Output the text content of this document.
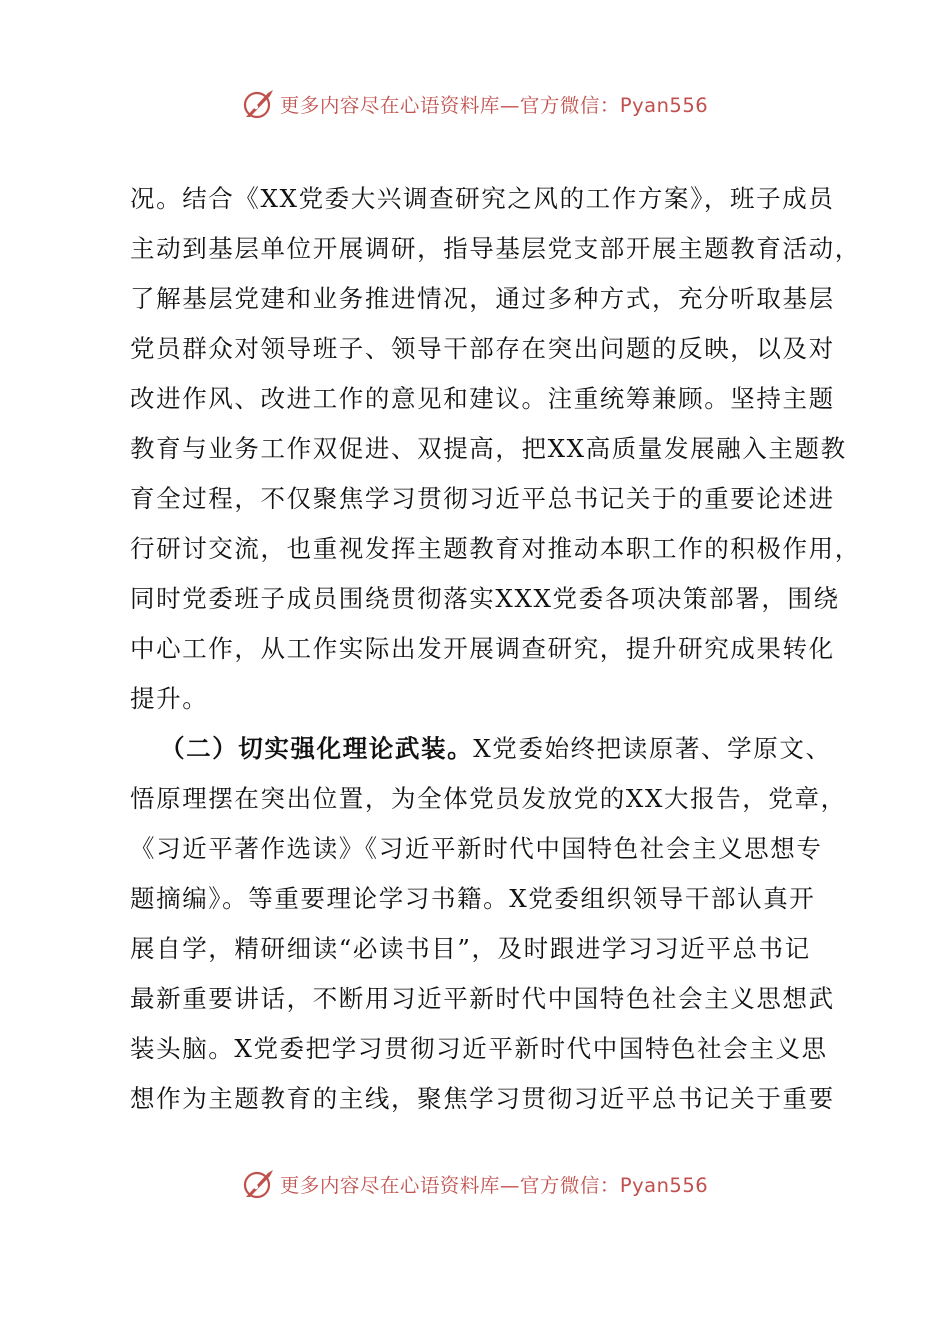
更多内容尽在心语资料库—官方微信：Pyan556
况。结合《XX党委大兴调查研究之风的工作方案》，班子成员
主动到基层单位开展调研，指导基层党支部开展主题教育活动，
了解基层党建和业务推进情况，通过多种方式，充分听取基层
党员群众对领导班子、领导干部存在突出问题的反映，以及对
改进作风、改进工作的意见和建议。注重统筹兼顾。坚持主题
教育与业务工作双促进、双提高，把XX高质量发展融入主题教
育全过程，不仅聚焦学习贯彻习近平总书记关于的重要论述进
行研讨交流，也重视发挥主题教育对推动本职工作的积极作用，
同时党委班子成员围绕贯彻落实XXX党委各项决策部署，围绕
中心工作，从工作实际出发开展调查研究，提升研究成果转化
提升。
（二）切实强化理论武装。X党委始终把读原著、学原文、
悟原理摆在突出位置，为全体党员发放党的XX大报告，党章，
《习近平著作选读》《习近平新时代中国特色社会主义思想专
题摘编》。等重要理论学习书籍。X党委组织领导干部认真开
展自学，精研细读“必读书目”，及时跟进学习习近平总书记
最新重要讲话，不断用习近平新时代中国特色社会主义思想武
装头脑。X党委把学习贯彻习近平新时代中国特色社会主义思
想作为主题教育的主线，聚焦学习贯彻习近平总书记关于重要
更多内容尽在心语资料库—官方微信：Pyan556
